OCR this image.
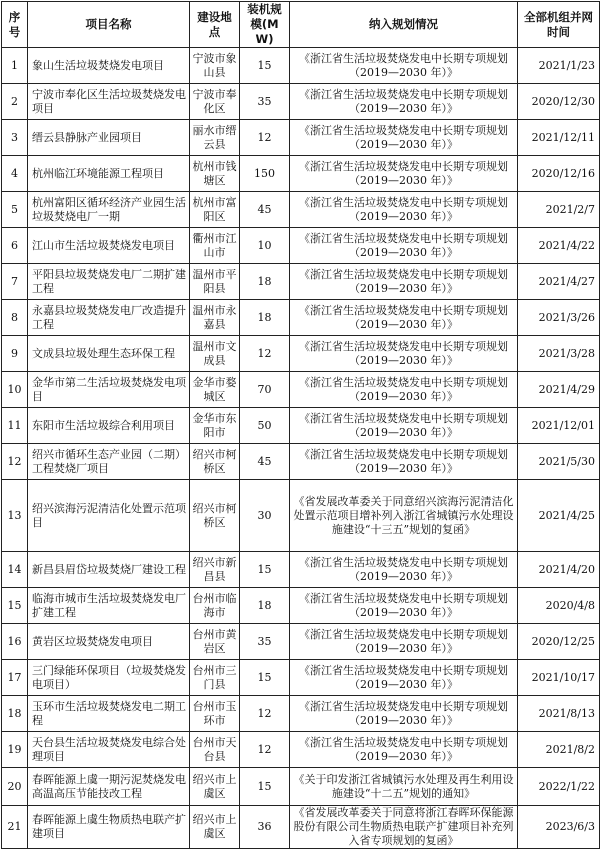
序号	项目名称	建设地点	装机规模(MW)	纳入规划情况	全部机组并网时间
1	象山生活垃圾焚烧发电项目	宁波市象山县	15	《浙江省生活垃圾焚烧发电中长期专项规划（2019—2030 年）》	2021/1/23
2	宁波市奉化区生活垃圾焚烧发电项目	宁波市奉化区	35	《浙江省生活垃圾焚烧发电中长期专项规划（2019—2030 年）》	2020/12/30
3	缙云县静脉产业园项目	丽水市缙云县	12	《浙江省生活垃圾焚烧发电中长期专项规划（2019—2030 年）》	2021/12/11
4	杭州临江环境能源工程项目	杭州市钱塘区	150	《浙江省生活垃圾焚烧发电中长期专项规划（2019—2030 年）》	2020/12/16
5	杭州富阳区循环经济产业园生活垃圾焚烧电厂一期	杭州市富阳区	45	《浙江省生活垃圾焚烧发电中长期专项规划（2019—2030 年）》	2021/2/7
6	江山市生活垃圾焚烧发电项目	衢州市江山市	10	《浙江省生活垃圾焚烧发电中长期专项规划（2019—2030 年）》	2021/4/22
7	平阳县垃圾焚烧发电厂二期扩建工程	温州市平阳县	18	《浙江省生活垃圾焚烧发电中长期专项规划（2019—2030 年）》	2021/4/27
8	永嘉县垃圾焚烧发电厂改造提升工程	温州市永嘉县	18	《浙江省生活垃圾焚烧发电中长期专项规划（2019—2030 年）》	2021/3/26
9	文成县垃圾处理生态环保工程	温州市文成县	12	《浙江省生活垃圾焚烧发电中长期专项规划（2019—2030 年）》	2021/3/28
10	金华市第二生活垃圾焚烧发电项目	金华市婺城区	70	《浙江省生活垃圾焚烧发电中长期专项规划（2019—2030 年）》	2021/4/29
11	东阳市生活垃圾综合利用项目	金华市东阳市	50	《浙江省生活垃圾焚烧发电中长期专项规划（2019—2030 年）》	2021/12/01
12	绍兴市循环生态产业园（二期）工程焚烧厂项目	绍兴市柯桥区	45	《浙江省生活垃圾焚烧发电中长期专项规划（2019—2030 年）》	2021/5/30
13	绍兴滨海污泥清洁化处置示范项目	绍兴市柯桥区	30	《省发展改革委关于同意绍兴滨海污泥清洁化处置示范项目增补列入浙江省城镇污水处理设施建设“十三五”规划的复函》	2021/4/25
14	新昌县眉岱垃圾焚烧厂建设工程	绍兴市新昌县	15	《浙江省生活垃圾焚烧发电中长期专项规划（2019—2030 年）》	2021/4/20
15	临海市城市生活垃圾焚烧发电厂扩建工程	台州市临海市	18	《浙江省生活垃圾焚烧发电中长期专项规划（2019—2030 年）》	2020/4/8
16	黄岩区垃圾焚烧发电项目	台州市黄岩区	35	《浙江省生活垃圾焚烧发电中长期专项规划（2019—2030 年）》	2020/12/25
17	三门绿能环保项目（垃圾焚烧发电项目）	台州市三门县	15	《浙江省生活垃圾焚烧发电中长期专项规划（2019—2030 年）》	2021/10/17
18	玉环市生活垃圾焚烧发电二期工程	台州市玉环市	12	《浙江省生活垃圾焚烧发电中长期专项规划（2019—2030 年）》	2021/8/13
19	天台县生活垃圾焚烧发电综合处理项目	台州市天台县	12	《浙江省生活垃圾焚烧发电中长期专项规划（2019—2030 年）》	2021/8/2
20	春晖能源上虞一期污泥焚烧发电高温高压节能技改工程	绍兴市上虞区	15	《关于印发浙江省城镇污水处理及再生利用设施建设“十二五”规划的通知》	2022/1/22
21	春晖能源上虞生物质热电联产扩建项目	绍兴市上虞区	36	《省发展改革委关于同意将浙江春晖环保能源股份有限公司生物质热电联产扩建项目补充列入省专项规划的复函》	2023/6/3
